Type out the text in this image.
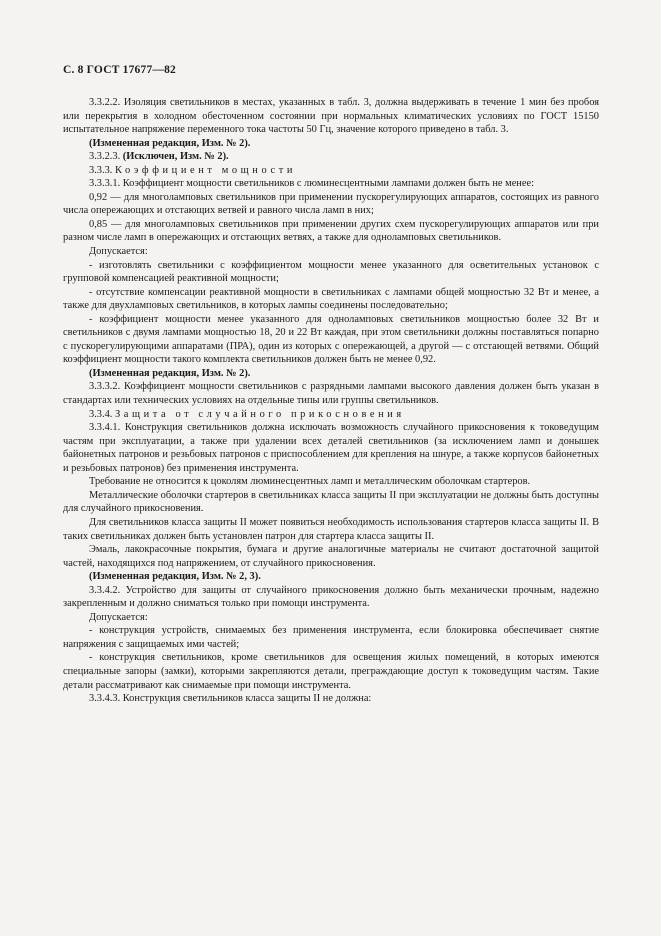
С. 8 ГОСТ 17677—82

3.3.2.2. Изоляция светильников в местах, указанных в табл. 3, должна выдерживать в течение 1 мин без пробоя или перекрытия в холодном обесточенном состоянии при нормальных климатических условиях по ГОСТ 15150 испытательное напряжение переменного тока частоты 50 Гц, значение которого приведено в табл. 3.

(Измененная редакция, Изм. № 2).

3.3.2.3. (Исключен, Изм. № 2).

3.3.3. Коэффициент мощности

3.3.3.1. Коэффициент мощности светильников с люминесцентными лампами должен быть не менее:

0,92 — для многоламповых светильников при применении пускорегулирующих аппаратов, состоящих из равного числа опережающих и отстающих ветвей и равного числа ламп в них;

0,85 — для многоламповых светильников при применении других схем пускорегулирующих аппаратов или при разном числе ламп в опережающих и отстающих ветвях, а также для одноламповых светильников.

Допускается:

- изготовлять светильники с коэффициентом мощности менее указанного для осветительных установок с групповой компенсацией реактивной мощности;

- отсутствие компенсации реактивной мощности в светильниках с лампами общей мощностью 32 Вт и менее, а также для двухламповых светильников, в которых лампы соединены последовательно;

- коэффициент мощности менее указанного для одноламповых светильников мощностью более 32 Вт и светильников с двумя лампами мощностью 18, 20 и 22 Вт каждая, при этом светильники должны поставляться попарно с пускорегулирующими аппаратами (ПРА), один из которых с опережающей, а другой — с отстающей ветвями. Общий коэффициент мощности такого комплекта светильников должен быть не менее 0,92.

(Измененная редакция, Изм. № 2).

3.3.3.2. Коэффициент мощности светильников с разрядными лампами высокого давления должен быть указан в стандартах или технических условиях на отдельные типы или группы светильников.

3.3.4. Защита от случайного прикосновения

3.3.4.1. Конструкция светильников должна исключать возможность случайного прикосновения к токоведущим частям при эксплуатации, а также при удалении всех деталей светильников (за исключением ламп и донышек байонетных патронов и резьбовых патронов с приспособлением для крепления на шнуре, а также корпусов байонетных и резьбовых патронов) без применения инструмента.

Требование не относится к цоколям люминесцентных ламп и металлическим оболочкам стартеров.

Металлические оболочки стартеров в светильниках класса защиты II при эксплуатации не должны быть доступны для случайного прикосновения.

Для светильников класса защиты II может появиться необходимость использования стартеров класса защиты II. В таких светильниках должен быть установлен патрон для стартера класса защиты II.

Эмаль, лакокрасочные покрытия, бумага и другие аналогичные материалы не считают достаточной защитой частей, находящихся под напряжением, от случайного прикосновения.

(Измененная редакция, Изм. № 2, 3).

3.3.4.2. Устройство для защиты от случайного прикосновения должно быть механически прочным, надежно закрепленным и должно сниматься только при помощи инструмента.

Допускается:

- конструкция устройств, снимаемых без применения инструмента, если блокировка обеспечивает снятие напряжения с защищаемых ими частей;

- конструкция светильников, кроме светильников для освещения жилых помещений, в которых имеются специальные запоры (замки), которыми закрепляются детали, преграждающие доступ к токоведущим частям. Такие детали рассматривают как снимаемые при помощи инструмента.

3.3.4.3. Конструкция светильников класса защиты II не должна:
